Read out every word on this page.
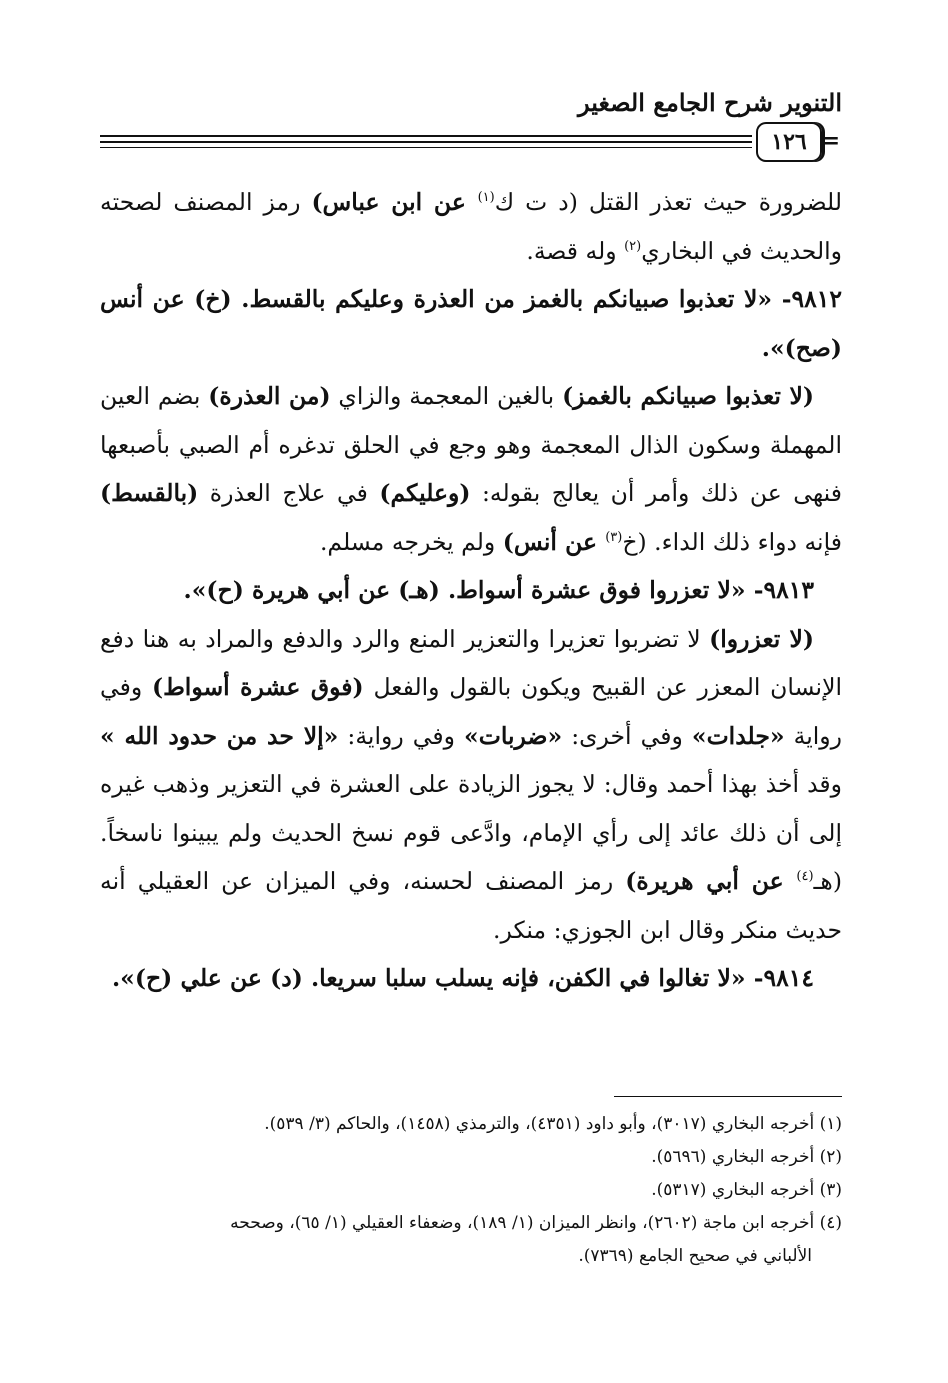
التنوير شرح الجامع الصغير
١٢٦ =

للضرورة حيث تعذر القتل (د ت ك$^{(١)}$ عن ابن عباس) رمز المصنف لصحته والحديث في البخاري$^{(٢)}$ وله قصة.

٩٨١٢- «لا تعذبوا صبيانكم بالغمز من العذرة وعليكم بالقسط. (خ) عن أنس (صح)».

(لا تعذبوا صبيانكم بالغمز) بالغين المعجمة والزاي (من العذرة) بضم العين المهملة وسكون الذال المعجمة وهو وجع في الحلق تدغره أم الصبي بأصبعها فنهى عن ذلك وأمر أن يعالج بقوله: (وعليكم) في علاج العذرة (بالقسط) فإنه دواء ذلك الداء. (خ$^{(٣)}$ عن أنس) ولم يخرجه مسلم.

٩٨١٣- «لا تعزروا فوق عشرة أسواط. (هـ) عن أبي هريرة (ح)».

(لا تعزروا) لا تضربوا تعزيرا والتعزير المنع والرد والدفع والمراد به هنا دفع الإنسان المعزر عن القبيح ويكون بالقول والفعل (فوق عشرة أسواط) وفي رواية «جلدات» وفي أخرى: «ضربات» وفي رواية: «إلا حد من حدود الله » وقد أخذ بهذا أحمد وقال: لا يجوز الزيادة على العشرة في التعزير وذهب غيره إلى أن ذلك عائد إلى رأي الإمام، وادَّعى قوم نسخ الحديث ولم يبينوا ناسخاً. (هـ$^{(٤)}$ عن أبي هريرة) رمز المصنف لحسنه، وفي الميزان عن العقيلي أنه حديث منكر وقال ابن الجوزي: منكر.

٩٨١٤- «لا تغالوا في الكفن، فإنه يسلب سلبا سريعا. (د) عن علي (ح)».

(١) أخرجه البخاري (٣٠١٧)، وأبو داود (٤٣٥١)، والترمذي (١٤٥٨)، والحاكم (٣/ ٥٣٩).

(٢) أخرجه البخاري (٥٦٩٦).

(٣) أخرجه البخاري (٥٣١٧).

(٤) أخرجه ابن ماجة (٢٦٠٢)، وانظر الميزان (١/ ١٨٩)، وضعفاء العقيلي (١/ ٦٥)، وصححه

الألباني في صحيح الجامع (٧٣٦٩).
